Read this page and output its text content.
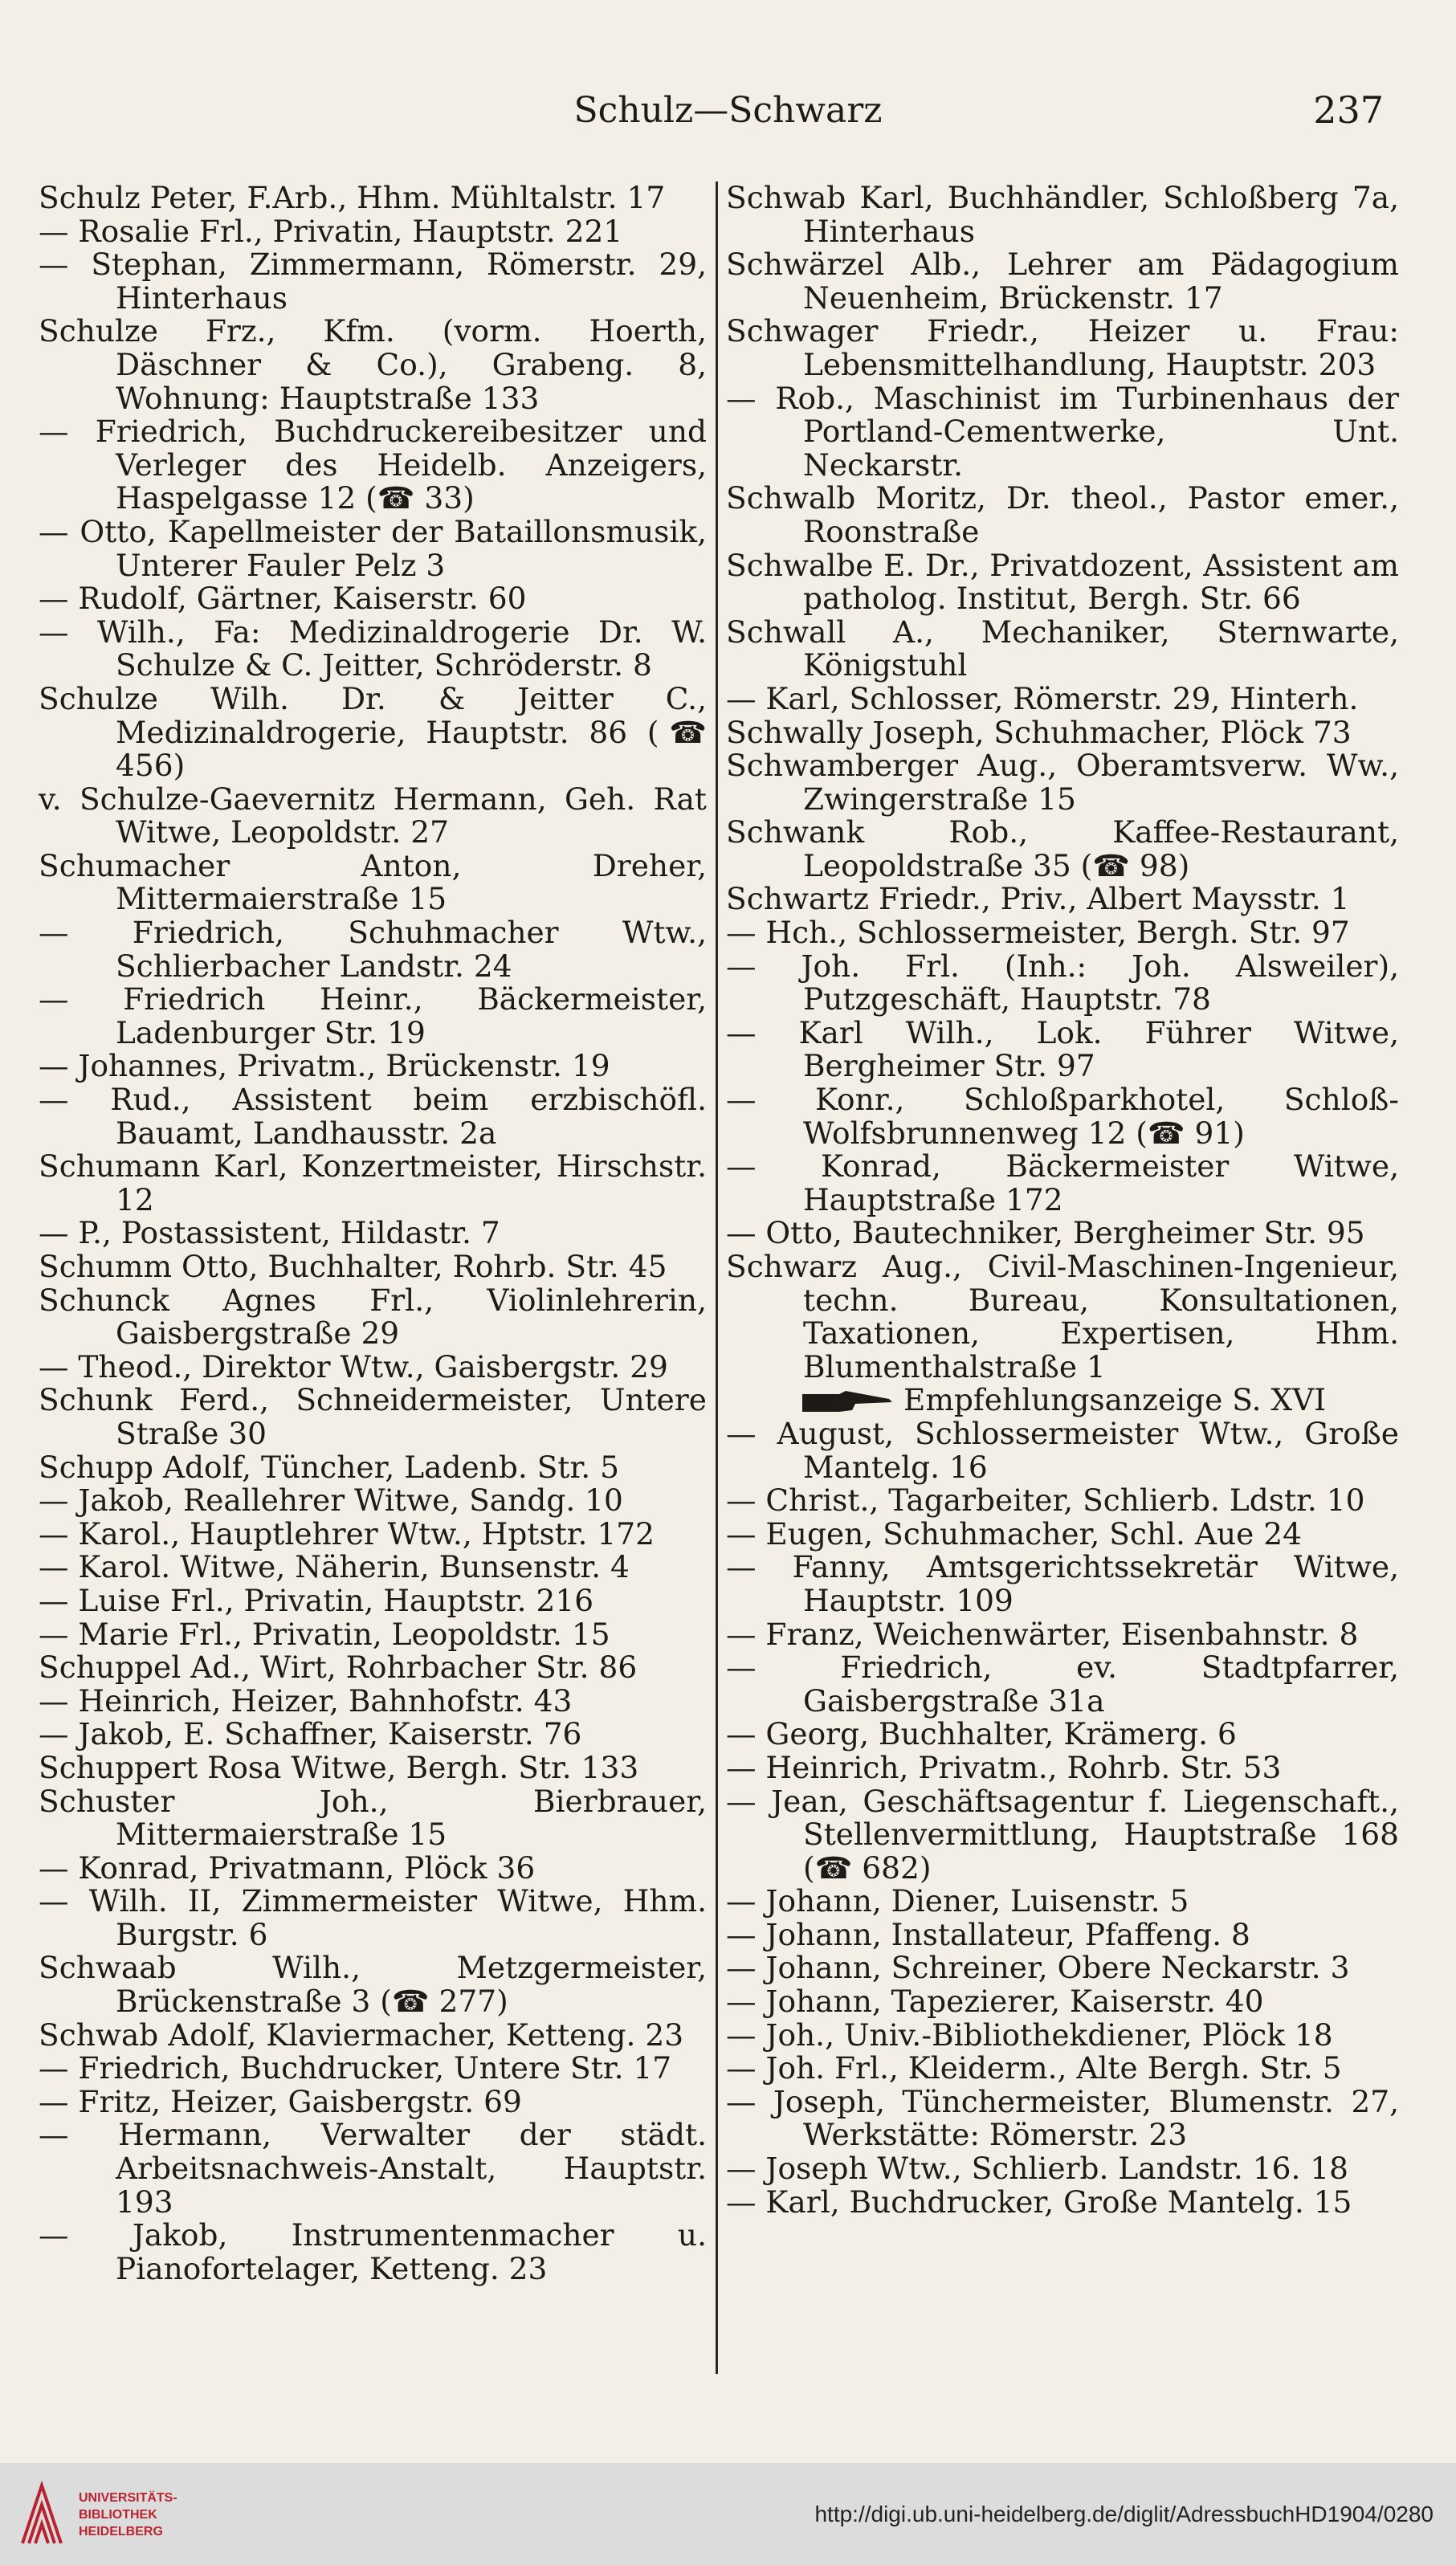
Schulz—Schwarz	237
Schulz Peter, F.Arb., Hhm. Mühltalstr. 17
— Rosalie Frl., Privatin, Hauptstr. 221
— Stephan, Zimmermann, Römerstr. 29, Hinterhaus
Schulze Frz., Kfm. (vorm. Hoerth, Däschner & Co.), Grabeng. 8, Wohnung: Hauptstraße 133
— Friedrich, Buchdruckereibesitzer und Verleger des Heidelb. Anzeigers, Haspelgasse 12 (☎ 33)
— Otto, Kapellmeister der Bataillonsmusik, Unterer Fauler Pelz 3
— Rudolf, Gärtner, Kaiserstr. 60
— Wilh., Fa: Medizinaldrogerie Dr. W. Schulze & C. Jeitter, Schröderstr. 8
Schulze Wilh. Dr. & Jeitter C., Medizinaldrogerie, Hauptstr. 86 (☎ 456)
v. Schulze-Gaevernitz Hermann, Geh. Rat Witwe, Leopoldstr. 27
Schumacher Anton, Dreher, Mittermaierstraße 15
— Friedrich, Schuhmacher Wtw., Schlierbacher Landstr. 24
— Friedrich Heinr., Bäckermeister, Ladenburger Str. 19
— Johannes, Privatm., Brückenstr. 19
— Rud., Assistent beim erzbischöfl. Bauamt, Landhausstr. 2a
Schumann Karl, Konzertmeister, Hirschstr. 12
— P., Postassistent, Hildastr. 7
Schumm Otto, Buchhalter, Rohrb. Str. 45
Schunck Agnes Frl., Violinlehrerin, Gaisbergstraße 29
— Theod., Direktor Wtw., Gaisbergstr. 29
Schunk Ferd., Schneidermeister, Untere Straße 30
Schupp Adolf, Tüncher, Ladenb. Str. 5
— Jakob, Reallehrer Witwe, Sandg. 10
— Karol., Hauptlehrer Wtw., Hptstr. 172
— Karol. Witwe, Näherin, Bunsenstr. 4
— Luise Frl., Privatin, Hauptstr. 216
— Marie Frl., Privatin, Leopoldstr. 15
Schuppel Ad., Wirt, Rohrbacher Str. 86
— Heinrich, Heizer, Bahnhofstr. 43
— Jakob, E. Schaffner, Kaiserstr. 76
Schuppert Rosa Witwe, Bergh. Str. 133
Schuster Joh., Bierbrauer, Mittermaierstraße 15
— Konrad, Privatmann, Plöck 36
— Wilh. II, Zimmermeister Witwe, Hhm. Burgstr. 6
Schwaab Wilh., Metzgermeister, Brückenstraße 3 (☎ 277)
Schwab Adolf, Klaviermacher, Ketteng. 23
— Friedrich, Buchdrucker, Untere Str. 17
— Fritz, Heizer, Gaisbergstr. 69
— Hermann, Verwalter der städt. Arbeitsnachweis-Anstalt, Hauptstr. 193
— Jakob, Instrumentenmacher u. Pianofortelager, Ketteng. 23
Schwab Karl, Buchhändler, Schloßberg 7a, Hinterhaus
Schwärzel Alb., Lehrer am Pädagogium Neuenheim, Brückenstr. 17
Schwager Friedr., Heizer u. Frau: Lebensmittelhandlung, Hauptstr. 203
— Rob., Maschinist im Turbinenhaus der Portland-Cementwerke, Unt. Neckarstr.
Schwalb Moritz, Dr. theol., Pastor emer., Roonstraße
Schwalbe E. Dr., Privatdozent, Assistent am patholog. Institut, Bergh. Str. 66
Schwall A., Mechaniker, Sternwarte, Königstuhl
— Karl, Schlosser, Römerstr. 29, Hinterh.
Schwally Joseph, Schuhmacher, Plöck 73
Schwamberger Aug., Oberamtsverw. Ww., Zwingerstraße 15
Schwank Rob., Kaffee-Restaurant, Leopoldstraße 35 (☎ 98)
Schwartz Friedr., Priv., Albert Maysstr. 1
— Hch., Schlossermeister, Bergh. Str. 97
— Joh. Frl. (Inh.: Joh. Alsweiler), Putzgeschäft, Hauptstr. 78
— Karl Wilh., Lok. Führer Witwe, Bergheimer Str. 97
— Konr., Schloßparkhotel, Schloß-Wolfsbrunnenweg 12 (☎ 91)
— Konrad, Bäckermeister Witwe, Hauptstraße 172
— Otto, Bautechniker, Bergheimer Str. 95
Schwarz Aug., Civil-Maschinen-Ingenieur, techn. Bureau, Konsultationen, Taxationen, Expertisen, Hhm. Blumenthalstraße 1
Empfehlungsanzeige S. XVI
— August, Schlossermeister Wtw., Große Mantelg. 16
— Christ., Tagarbeiter, Schlierb. Ldstr. 10
— Eugen, Schuhmacher, Schl. Aue 24
— Fanny, Amtsgerichtssekretär Witwe, Hauptstr. 109
— Franz, Weichenwärter, Eisenbahnstr. 8
— Friedrich, ev. Stadtpfarrer, Gaisbergstraße 31a
— Georg, Buchhalter, Krämerg. 6
— Heinrich, Privatm., Rohrb. Str. 53
— Jean, Geschäftsagentur f. Liegenschaft., Stellenvermittlung, Hauptstraße 168 (☎ 682)
— Johann, Diener, Luisenstr. 5
— Johann, Installateur, Pfaffeng. 8
— Johann, Schreiner, Obere Neckarstr. 3
— Johann, Tapezierer, Kaiserstr. 40
— Joh., Univ.-Bibliothekdiener, Plöck 18
— Joh. Frl., Kleiderm., Alte Bergh. Str. 5
— Joseph, Tünchermeister, Blumenstr. 27, Werkstätte: Römerstr. 23
— Joseph Wtw., Schlierb. Landstr. 16. 18
— Karl, Buchdrucker, Große Mantelg. 15
UNIVERSITÄTS-
BIBLIOTHEK
HEIDELBERG
http://digi.ub.uni-heidelberg.de/diglit/AdressbuchHD1904/0280
